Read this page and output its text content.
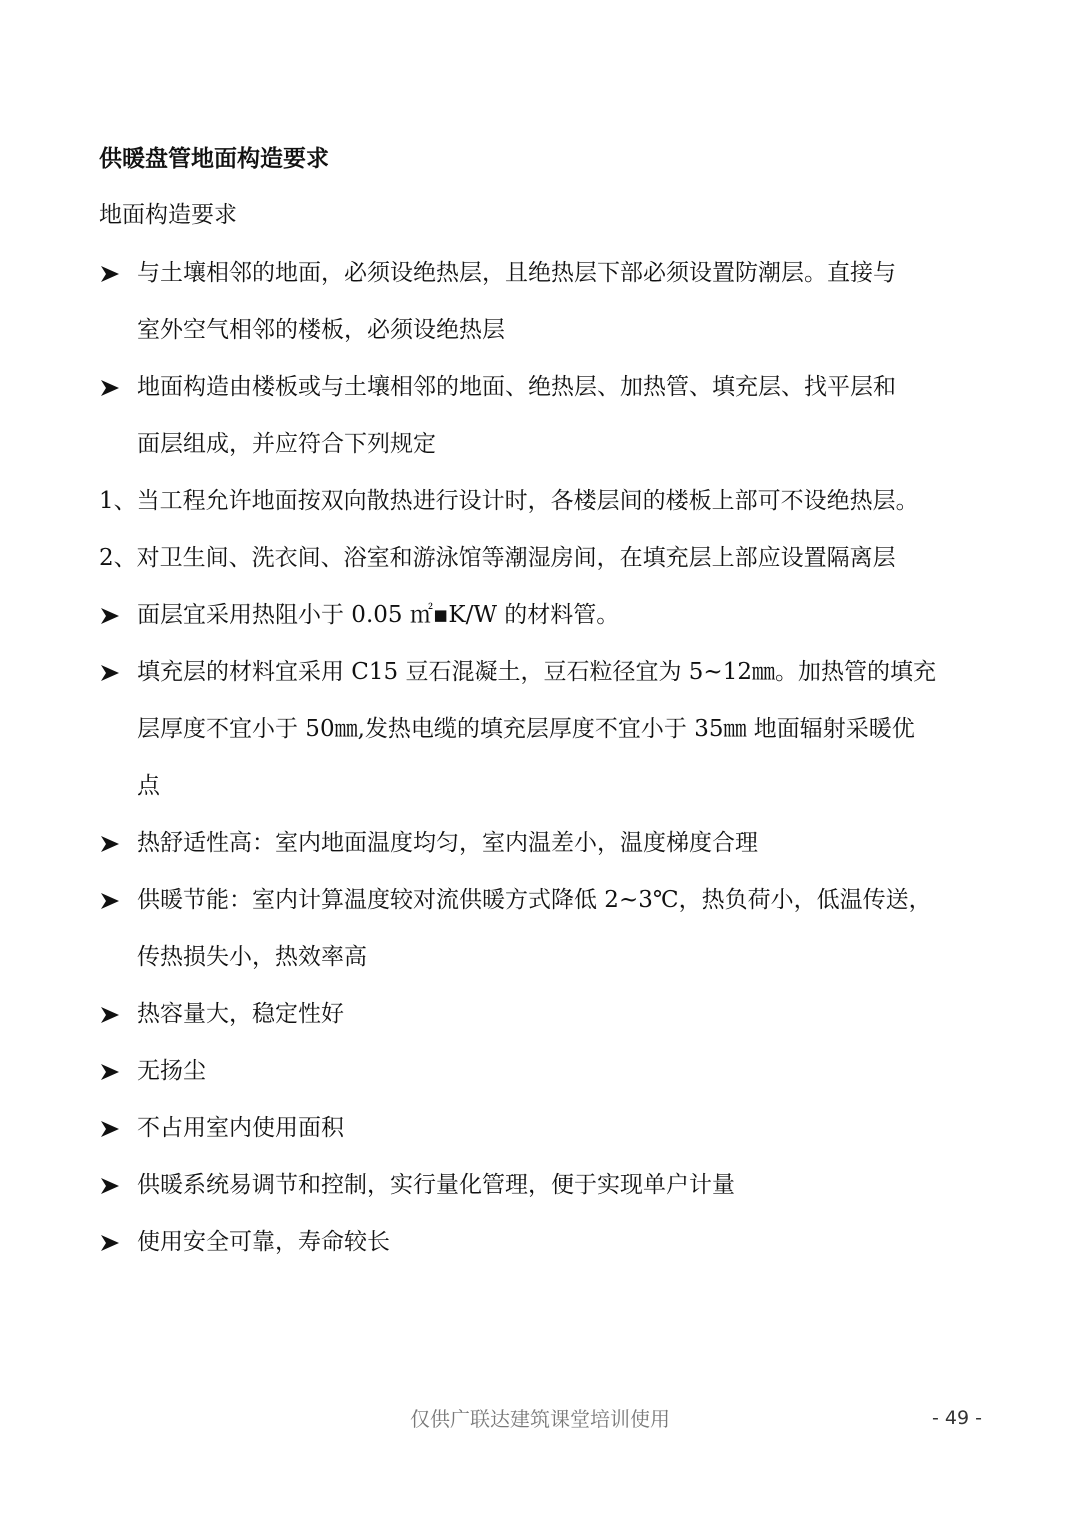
供暖盘管地面构造要求
地面构造要求
与土壤相邻的地面，必须设绝热层，且绝热层下部必须设置防潮层。直接与
室外空气相邻的楼板，必须设绝热层
地面构造由楼板或与土壤相邻的地面、绝热层、加热管、填充层、找平层和
面层组成，并应符合下列规定
1、当工程允许地面按双向散热进行设计时，各楼层间的楼板上部可不设绝热层。
2、对卫生间、洗衣间、浴室和游泳馆等潮湿房间，在填充层上部应设置隔离层
面层宜采用热阻小于 0.05 ㎡▪K/W 的材料管。
填充层的材料宜采用 C15 豆石混凝土，豆石粒径宜为 5~12㎜。加热管的填充
层厚度不宜小于 50㎜,发热电缆的填充层厚度不宜小于 35㎜ 地面辐射采暖优
点
热舒适性高：室内地面温度均匀，室内温差小，温度梯度合理
供暖节能：室内计算温度较对流供暖方式降低 2~3℃，热负荷小，低温传送，
传热损失小，热效率高
热容量大，稳定性好
无扬尘
不占用室内使用面积
供暖系统易调节和控制，实行量化管理，便于实现单户计量
使用安全可靠，寿命较长
仅供广联达建筑课堂培训使用	- 49 -
